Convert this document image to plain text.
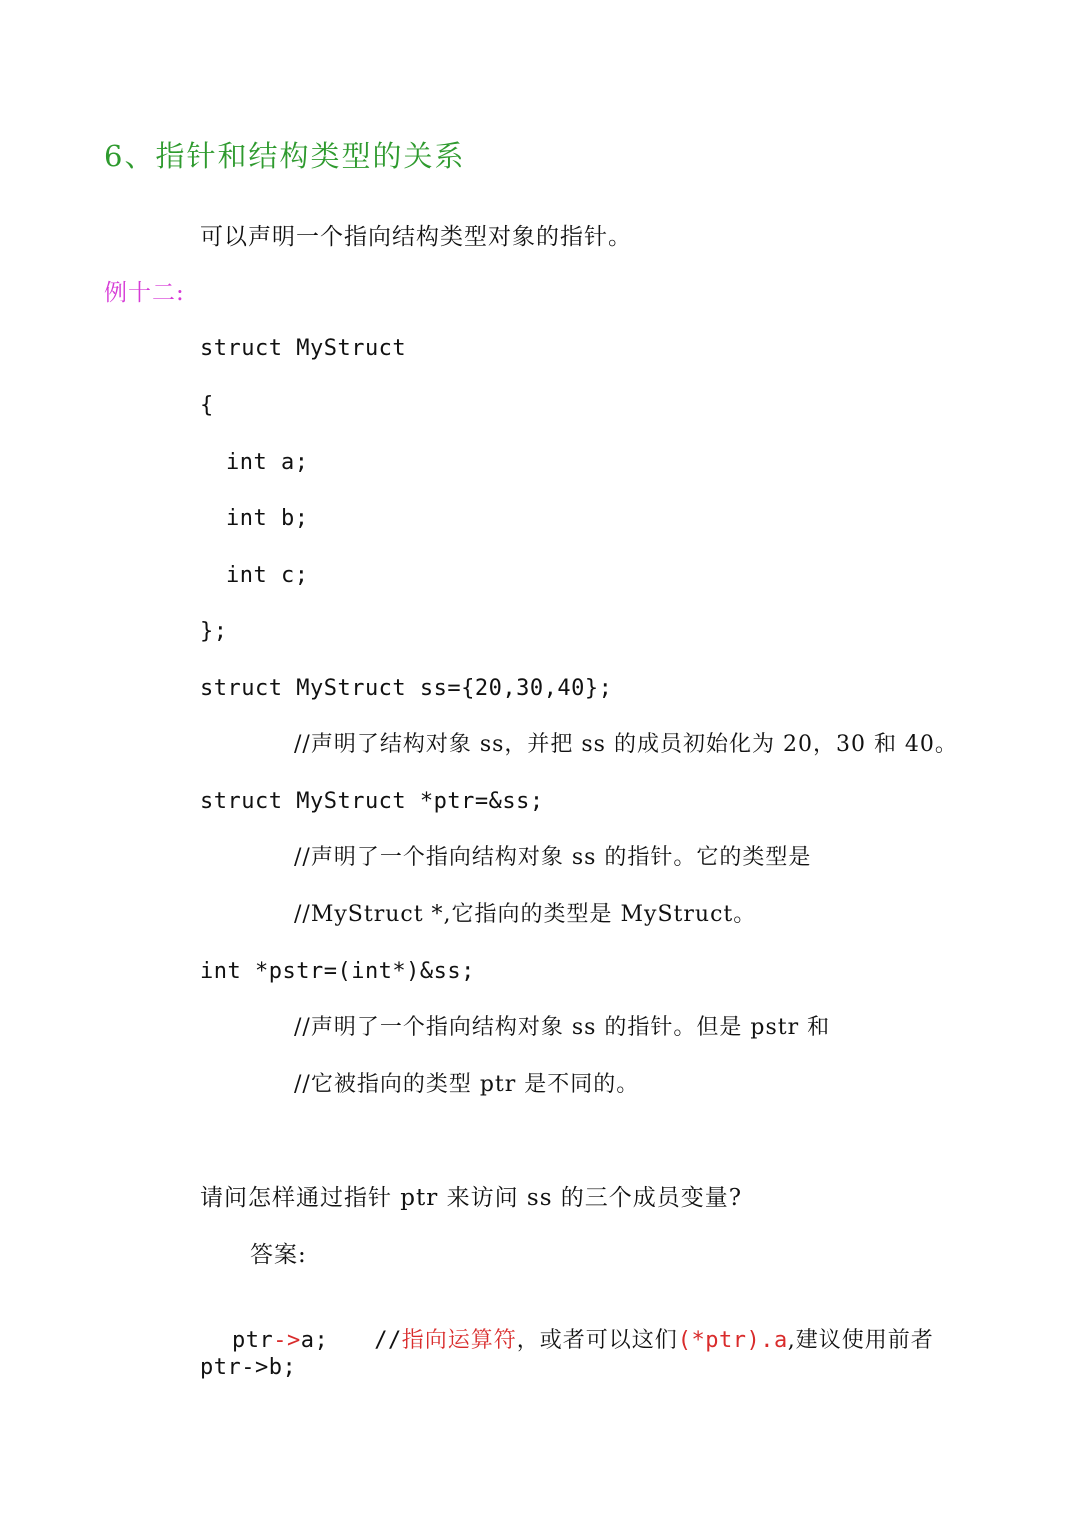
6、指针和结构类型的关系
可以声明一个指向结构类型对象的指针。
例十二:
struct MyStruct
{
int a;
int b;
int c;
};
struct MyStruct ss={20,30,40};
//声明了结构对象 ss，并把 ss 的成员初始化为 20，30 和 40。
struct MyStruct *ptr=&ss;
//声明了一个指向结构对象 ss 的指针。它的类型是
//MyStruct *,它指向的类型是 MyStruct。
int *pstr=(int*)&ss;
//声明了一个指向结构对象 ss 的指针。但是 pstr 和
//它被指向的类型 ptr 是不同的。
请问怎样通过指针 ptr 来访问 ss 的三个成员变量?
答案:

ptr->a; //指向运算符，或者可以这们(*ptr).a,建议使用前者

ptr->b;
